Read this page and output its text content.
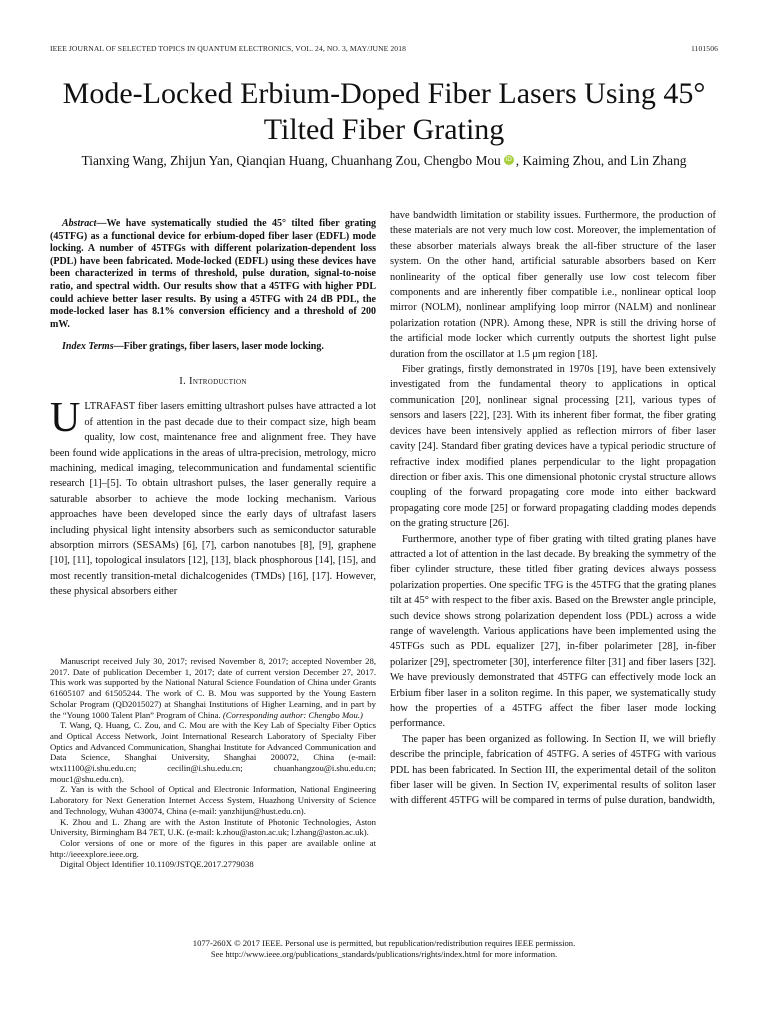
IEEE JOURNAL OF SELECTED TOPICS IN QUANTUM ELECTRONICS, VOL. 24, NO. 3, MAY/JUNE 2018	1101506
Mode-Locked Erbium-Doped Fiber Lasers Using 45° Tilted Fiber Grating
Tianxing Wang, Zhijun Yan, Qianqian Huang, Chuanhang Zou, Chengbo Mou iD , Kaiming Zhou, and Lin Zhang

Abstract—We have systematically studied the 45° tilted fiber grating (45TFG) as a functional device for erbium-doped fiber laser (EDFL) mode locking. A number of 45TFGs with different polarization-dependent loss (PDL) have been fabricated. Mode-locked (EDFL) using these devices have been characterized in terms of threshold, pulse duration, signal-to-noise ratio, and spectral width. Our results show that a 45TFG with higher PDL could achieve better laser results. By using a 45TFG with 24 dB PDL, the mode-locked laser has 8.1% conversion efficiency and a threshold of 200 mW.

Index Terms—Fiber gratings, fiber lasers, laser mode locking.

I. Introduction

ULTRAFAST fiber lasers emitting ultrashort pulses have attracted a lot of attention in the past decade due to their compact size, high beam quality, low cost, maintenance free and alignment free. They have been found wide applications in the areas of ultra-precision, metrology, micro machining, medical imaging, telecommunication and fundamental scientific research [1]–[5]. To obtain ultrashort pulses, the laser generally require a saturable absorber to achieve the mode locking mechanism. Various approaches have been developed since the early days of ultrafast lasers including physical light intensity absorbers such as semiconductor saturable absorption mirrors (SESAMs) [6], [7], carbon nanotubes [8], [9], graphene [10], [11], topological insulators [12], [13], black phosphorous [14], [15], and most recently transition-metal dichalcogenides (TMDs) [16], [17]. However, these physical absorbers either

Manuscript received July 30, 2017; revised November 8, 2017; accepted November 28, 2017. Date of publication December 1, 2017; date of current version December 27, 2017. This work was supported by the National Natural Science Foundation of China under Grants 61605107 and 61505244. The work of C. B. Mou was supported by the Young Eastern Scholar Program (QD2015027) at Shanghai Institutions of Higher Learning, and in part by the “Young 1000 Talent Plan” Program of China. (Corresponding author: Chengbo Mou.)

T. Wang, Q. Huang, C. Zou, and C. Mou are with the Key Lab of Specialty Fiber Optics and Optical Access Network, Joint International Research Laboratory of Specialty Fiber Optics and Advanced Communication, Shanghai Institute for Advanced Communication and Data Science, Shanghai University, Shanghai 200072, China (e-mail: wtx11100@i.shu.edu.cn; cecilin@i.shu.edu.cn; chuanhangzou@i.shu.edu.cn; mouc1@shu.edu.cn).

Z. Yan is with the School of Optical and Electronic Information, National Engineering Laboratory for Next Generation Internet Access System, Huazhong University of Science and Technology, Wuhan 430074, China (e-mail: yanzhijun@hust.edu.cn).

K. Zhou and L. Zhang are with the Aston Institute of Photonic Technologies, Aston University, Birmingham B4 7ET, U.K. (e-mail: k.zhou@aston.ac.uk; l.zhang@aston.ac.uk).

Color versions of one or more of the figures in this paper are available online at http://ieeexplore.ieee.org.

Digital Object Identifier 10.1109/JSTQE.2017.2779038

have bandwidth limitation or stability issues. Furthermore, the production of these materials are not very much low cost. Moreover, the implementation of these absorber materials always break the all-fiber structure of the laser system. On the other hand, artificial saturable absorbers based on Kerr nonlinearity of the optical fiber generally use low cost telecom fiber components and are inherently fiber compatible i.e., nonlinear optical loop mirror (NOLM), nonlinear amplifying loop mirror (NALM) and nonlinear polarization rotation (NPR). Among these, NPR is still the driving horse of the artificial mode locker which currently outputs the shortest light pulse duration from the oscillator at 1.5 μm region [18].

Fiber gratings, firstly demonstrated in 1970s [19], have been extensively investigated from the fundamental theory to applications in optical communication [20], nonlinear signal processing [21], various types of sensors and lasers [22], [23]. With its inherent fiber format, the fiber grating devices have been intensively applied as reflection mirrors of fiber laser cavity [24]. Standard fiber grating devices have a typical periodic structure of refractive index modified planes perpendicular to the light propagation direction or fiber axis. This one dimensional photonic crystal structure allows coupling of the forward propagating core mode into either backward propagating core mode [25] or forward propagating cladding modes depends on the grating structure [26].

Furthermore, another type of fiber grating with tilted grating planes have attracted a lot of attention in the last decade. By breaking the symmetry of the fiber cylinder structure, these titled fiber grating devices always possess polarization properties. One specific TFG is the 45TFG that the grating planes tilt at 45° with respect to the fiber axis. Based on the Brewster angle principle, such device shows strong polarization dependent loss (PDL) across a wide range of wavelength. Various applications have been implemented using the 45TFGs such as PDL equalizer [27], in-fiber polarimeter [28], in-fiber polarizer [29], spectrometer [30], interference filter [31] and fiber lasers [32]. We have previously demonstrated that 45TFG can effectively mode lock an Erbium fiber laser in a soliton regime. In this paper, we systematically study how the properties of a 45TFG affect the fiber laser mode locking performance.

The paper has been organized as following. In Section II, we will briefly describe the principle, fabrication of 45TFG. A series of 45TFG with various PDL has been fabricated. In Section III, the experimental detail of the soliton fiber laser will be given. In Section IV, experimental results of soliton laser with different 45TFG will be compared in terms of pulse duration, bandwidth,

1077-260X © 2017 IEEE. Personal use is permitted, but republication/redistribution requires IEEE permission.
See http://www.ieee.org/publications_standards/publications/rights/index.html for more information.
